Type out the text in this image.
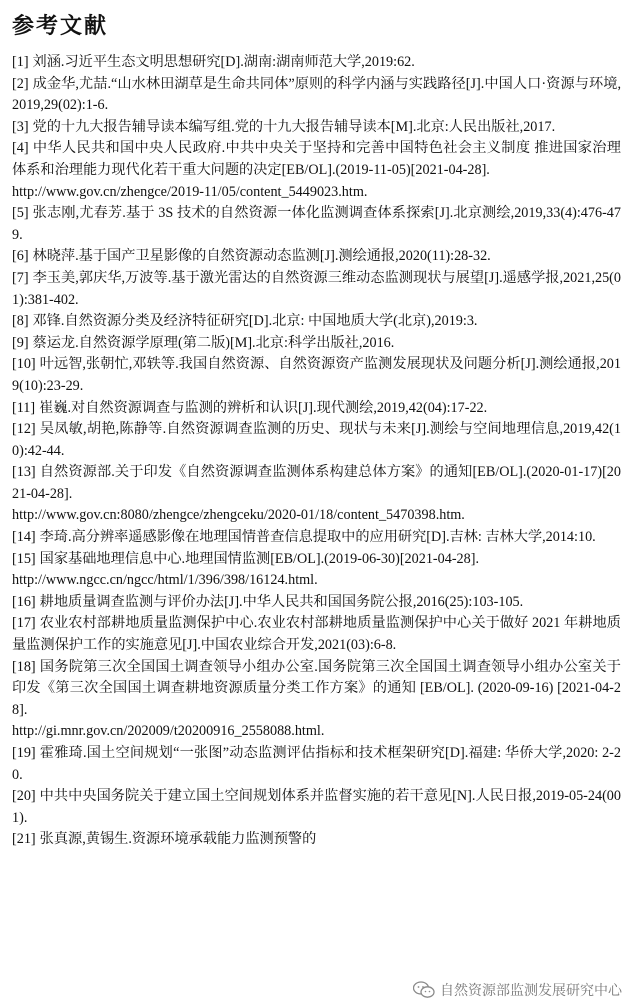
参考文献
[1] 刘涵.习近平生态文明思想研究[D].湖南:湖南师范大学,2019:62.
[2] 成金华,尤喆.“山水林田湖草是生命共同体”原则的科学内涵与实践路径[J].中国人口·资源与环境,2019,29(02):1-6.
[3] 党的十九大报告辅导读本编写组.党的十九大报告辅导读本[M].北京:人民出版社,2017.
[4] 中华人民共和国中央人民政府.中共中央关于坚持和完善中国特色社会主义制度 推进国家治理体系和治理能力现代化若干重大问题的决定[EB/OL].(2019-11-05)[2021-04-28].
http://www.gov.cn/zhengce/2019-11/05/content_5449023.htm.
[5] 张志刚,尤春芳.基于 3S 技术的自然资源一体化监测调查体系探索[J].北京测绘,2019,33(4):476-479.
[6] 林晓萍.基于国产卫星影像的自然资源动态监测[J].测绘通报,2020(11):28-32.
[7] 李玉美,郭庆华,万波等.基于激光雷达的自然资源三维动态监测现状与展望[J].遥感学报,2021,25(01):381-402.
[8] 邓锋.自然资源分类及经济特征研究[D].北京: 中国地质大学(北京),2019:3.
[9] 蔡运龙.自然资源学原理(第二版)[M].北京:科学出版社,2016.
[10] 叶远智,张朝忙,邓轶等.我国自然资源、自然资源资产监测发展现状及问题分析[J].测绘通报,2019(10):23-29.
[11] 崔巍.对自然资源调查与监测的辨析和认识[J].现代测绘,2019,42(04):17-22.
[12] 吴凤敏,胡艳,陈静等.自然资源调查监测的历史、现状与未来[J].测绘与空间地理信息,2019,42(10):42-44.
[13] 自然资源部.关于印发《自然资源调查监测体系构建总体方案》的通知[EB/OL].(2020-01-17)[2021-04-28].
http://www.gov.cn:8080/zhengce/zhengceku/2020-01/18/content_5470398.htm.
[14] 李琦.高分辨率遥感影像在地理国情普查信息提取中的应用研究[D].吉林: 吉林大学,2014:10.
[15] 国家基础地理信息中心.地理国情监测[EB/OL].(2019-06-30)[2021-04-28].
http://www.ngcc.cn/ngcc/html/1/396/398/16124.html.
[16] 耕地质量调查监测与评价办法[J].中华人民共和国国务院公报,2016(25):103-105.
[17] 农业农村部耕地质量监测保护中心.农业农村部耕地质量监测保护中心关于做好 2021 年耕地质量监测保护工作的实施意见[J].中国农业综合开发,2021(03):6-8.
[18] 国务院第三次全国国土调查领导小组办公室.国务院第三次全国国土调查领导小组办公室关于印发《第三次全国国土调查耕地资源质量分类工作方案》的通知 [EB/OL]. (2020-09-16) [2021-04-28].
http://gi.mnr.gov.cn/202009/t20200916_2558088.html.
[19] 霍雅琦.国土空间规划“一张图”动态监测评估指标和技术框架研究[D].福建: 华侨大学,2020: 2-20.
[20] 中共中央国务院关于建立国土空间规划体系并监督实施的若干意见[N].人民日报,2019-05-24(001).
[21] 张真源,黄锡生.资源环境承载能力监测预警的
自然资源部监测发展研究中心
